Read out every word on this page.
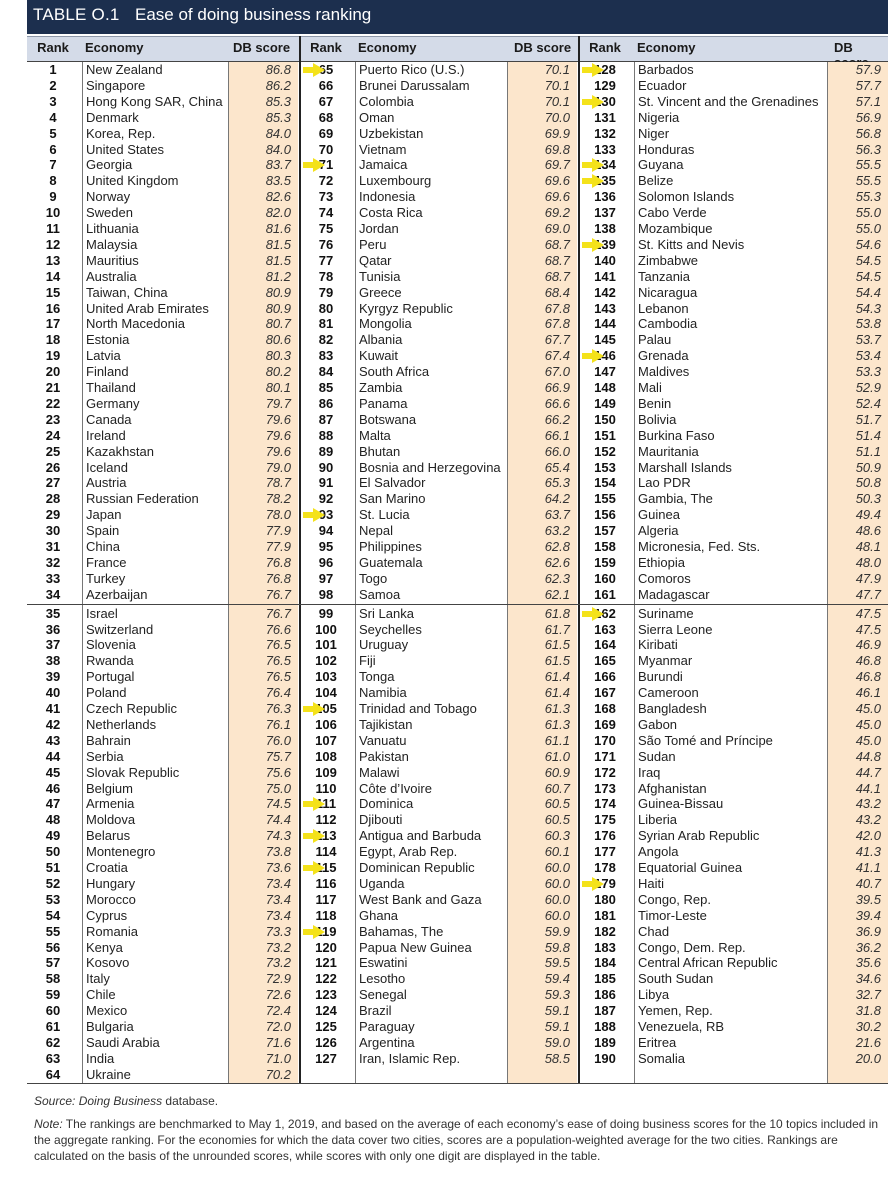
TABLE O.1 Ease of doing business ranking
Rank	Economy	DB score	Rank	Economy	DB score	Rank	Economy	DB
1	New Zealand	86.8
2	Singapore	86.2
3	Hong Kong SAR, China	85.3
4	Denmark	85.3
5	Korea, Rep.	84.0
6	United States	84.0
7	Georgia	83.7
8	United Kingdom	83.5
9	Norway	82.6
10	Sweden	82.0
11	Lithuania	81.6
12	Malaysia	81.5
13	Mauritius	81.5
14	Australia	81.2
15	Taiwan, China	80.9
16	United Arab Emirates	80.9
17	North Macedonia	80.7
18	Estonia	80.6
19	Latvia	80.3
20	Finland	80.2
21	Thailand	80.1
22	Germany	79.7
23	Canada	79.6
24	Ireland	79.6
25	Kazakhstan	79.6
26	Iceland	79.0
27	Austria	78.7
28	Russian Federation	78.2
29	Japan	78.0
30	Spain	77.9
31	China	77.9
32	France	76.8
33	Turkey	76.8
34	Azerbaijan	76.7
35	Israel	76.7
36	Switzerland	76.6
37	Slovenia	76.5
38	Rwanda	76.5
39	Portugal	76.5
40	Poland	76.4
41	Czech Republic	76.3
42	Netherlands	76.1
43	Bahrain	76.0
44	Serbia	75.7
45	Slovak Republic	75.6
46	Belgium	75.0
47	Armenia	74.5
48	Moldova	74.4
49	Belarus	74.3
50	Montenegro	73.8
51	Croatia	73.6
52	Hungary	73.4
53	Morocco	73.4
54	Cyprus	73.4
55	Romania	73.3
56	Kenya	73.2
57	Kosovo	73.2
58	Italy	72.9
59	Chile	72.6
60	Mexico	72.4
61	Bulgaria	72.0
62	Saudi Arabia	71.6
63	India	71.0
64	Ukraine	70.2
65	Puerto Rico (U.S.)	70.1
66	Brunei Darussalam	70.1
67	Colombia	70.1
68	Oman	70.0
69	Uzbekistan	69.9
70	Vietnam	69.8
71	Jamaica	69.7
72	Luxembourg	69.6
73	Indonesia	69.6
74	Costa Rica	69.2
75	Jordan	69.0
76	Peru	68.7
77	Qatar	68.7
78	Tunisia	68.7
79	Greece	68.4
80	Kyrgyz Republic	67.8
81	Mongolia	67.8
82	Albania	67.7
83	Kuwait	67.4
84	South Africa	67.0
85	Zambia	66.9
86	Panama	66.6
87	Botswana	66.2
88	Malta	66.1
89	Bhutan	66.0
90	Bosnia and Herzegovina	65.4
91	El Salvador	65.3
92	San Marino	64.2
93	St. Lucia	63.7
94	Nepal	63.2
95	Philippines	62.8
96	Guatemala	62.6
97	Togo	62.3
98	Samoa	62.1
99	Sri Lanka	61.8
100	Seychelles	61.7
101	Uruguay	61.5
102	Fiji	61.5
103	Tonga	61.4
104	Namibia	61.4
105	Trinidad and Tobago	61.3
106	Tajikistan	61.3
107	Vanuatu	61.1
108	Pakistan	61.0
109	Malawi	60.9
110	Côte d’Ivoire	60.7
111	Dominica	60.5
112	Djibouti	60.5
113	Antigua and Barbuda	60.3
114	Egypt, Arab Rep.	60.1
115	Dominican Republic	60.0
116	Uganda	60.0
117	West Bank and Gaza	60.0
118	Ghana	60.0
119	Bahamas, The	59.9
120	Papua New Guinea	59.8
121	Eswatini	59.5
122	Lesotho	59.4
123	Senegal	59.3
124	Brazil	59.1
125	Paraguay	59.1
126	Argentina	59.0
127	Iran, Islamic Rep.	58.5
128	Barbados	57.9
129	Ecuador	57.7
130	St. Vincent and the Grenadines	57.1
131	Nigeria	56.9
132	Niger	56.8
133	Honduras	56.3
134	Guyana	55.5
135	Belize	55.5
136	Solomon Islands	55.3
137	Cabo Verde	55.0
138	Mozambique	55.0
139	St. Kitts and Nevis	54.6
140	Zimbabwe	54.5
141	Tanzania	54.5
142	Nicaragua	54.4
143	Lebanon	54.3
144	Cambodia	53.8
145	Palau	53.7
146	Grenada	53.4
147	Maldives	53.3
148	Mali	52.9
149	Benin	52.4
150	Bolivia	51.7
151	Burkina Faso	51.4
152	Mauritania	51.1
153	Marshall Islands	50.9
154	Lao PDR	50.8
155	Gambia, The	50.3
156	Guinea	49.4
157	Algeria	48.6
158	Micronesia, Fed. Sts.	48.1
159	Ethiopia	48.0
160	Comoros	47.9
161	Madagascar	47.7
162	Suriname	47.5
163	Sierra Leone	47.5
164	Kiribati	46.9
165	Myanmar	46.8
166	Burundi	46.8
167	Cameroon	46.1
168	Bangladesh	45.0
169	Gabon	45.0
170	São Tomé and Príncipe	45.0
171	Sudan	44.8
172	Iraq	44.7
173	Afghanistan	44.1
174	Guinea-Bissau	43.2
175	Liberia	43.2
176	Syrian Arab Republic	42.0
177	Angola	41.3
178	Equatorial Guinea	41.1
179	Haiti	40.7
180	Congo, Rep.	39.5
181	Timor-Leste	39.4
182	Chad	36.9
183	Congo, Dem. Rep.	36.2
184	Central African Republic	35.6
185	South Sudan	34.6
186	Libya	32.7
187	Yemen, Rep.	31.8
188	Venezuela, RB	30.2
189	Eritrea	21.6
190	Somalia	20.0
Source: Doing Business database.
Note: The rankings are benchmarked to May 1, 2019, and based on the average of each economy’s ease of doing business scores for the 10 topics included in the aggregate ranking. For the economies for which the data cover two cities, scores are a population-weighted average for the two cities. Rankings are calculated on the basis of the unrounded scores, while scores with only one digit are displayed in the table.
